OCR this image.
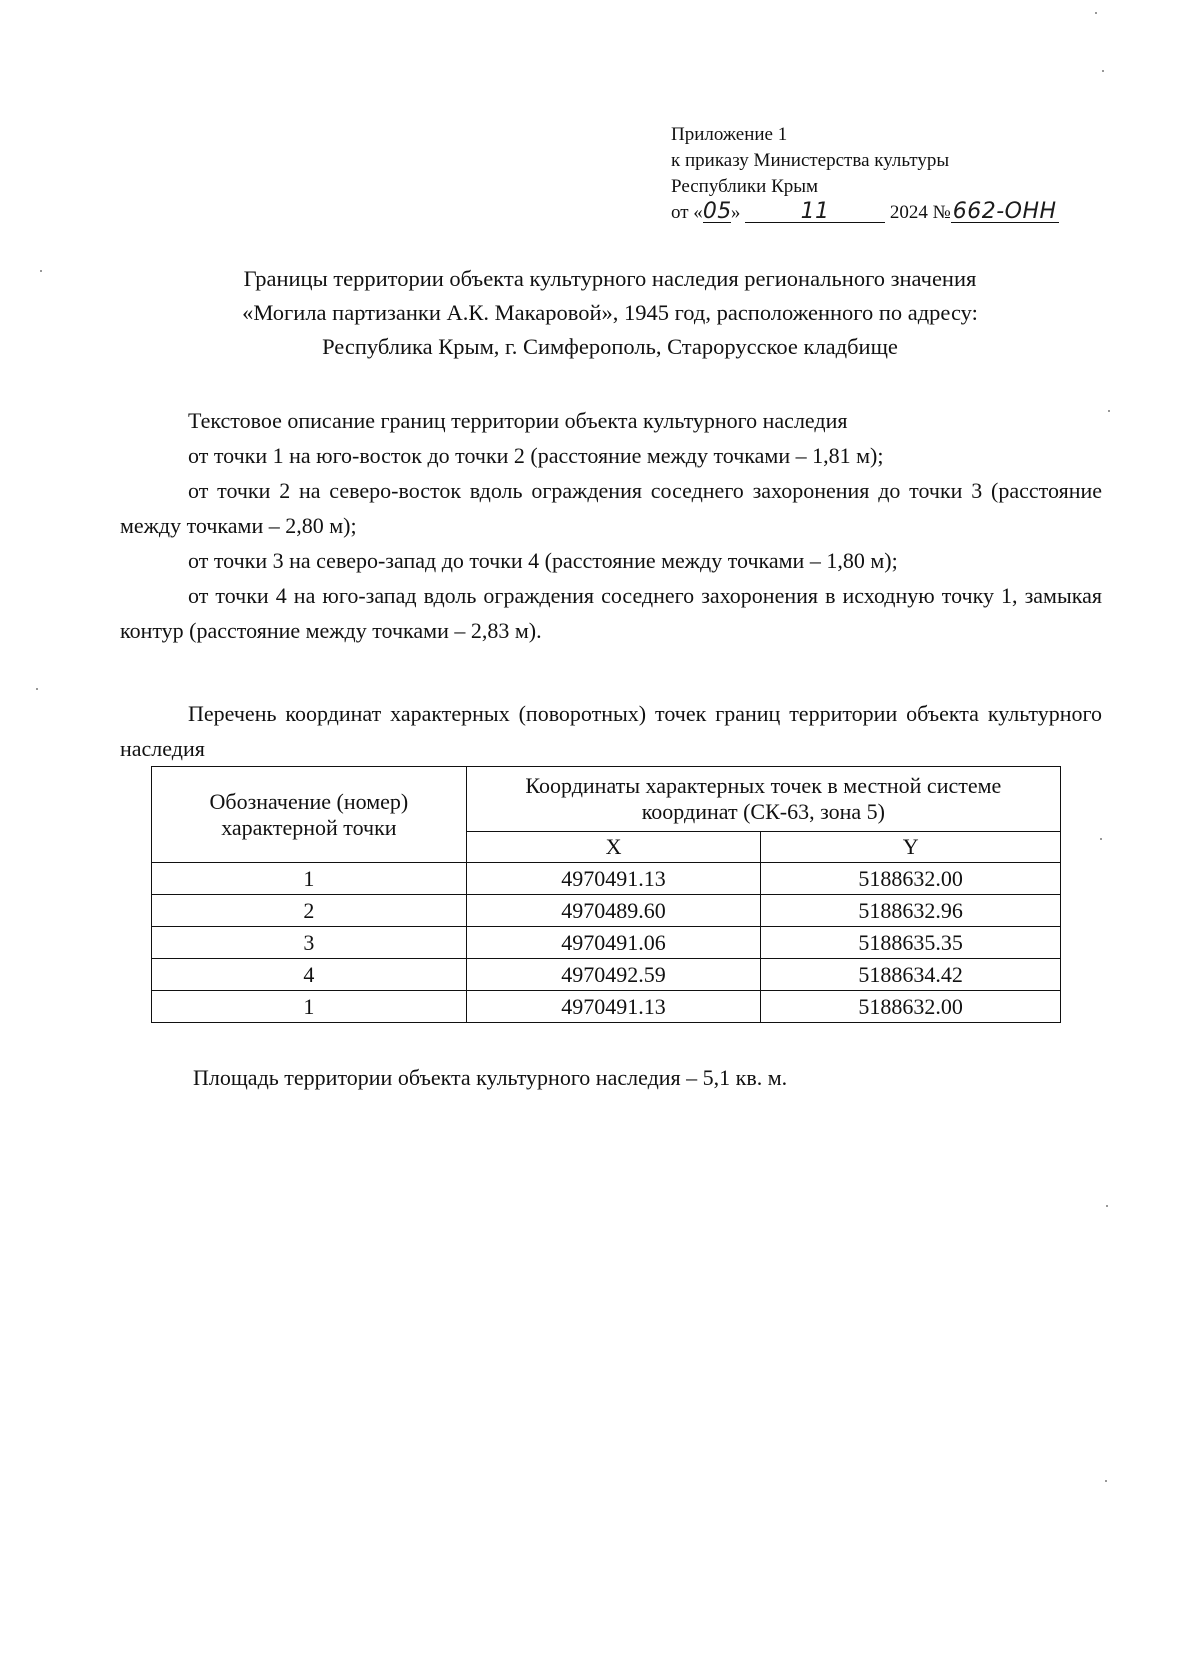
Приложение 1
к приказу Министерства культуры
Республики Крым
от «05»	11	2024 №662-ОНН
Границы территории объекта культурного наследия регионального значения
«Могила партизанки А.К. Макаровой», 1945 год, расположенного по адресу:
Республика Крым, г. Симферополь, Старорусское кладбище
Текстовое описание границ территории объекта культурного наследия

от точки 1 на юго-восток до точки 2 (расстояние между точками – 1,81 м);

от точки 2 на северо-восток вдоль ограждения соседнего захоронения до точки 3 (расстояние между точками – 2,80 м);

от точки 3 на северо-запад до точки 4 (расстояние между точками – 1,80 м);

от точки 4 на юго-запад вдоль ограждения соседнего захоронения в исходную точку 1, замыкая контур (расстояние между точками – 2,83 м).

Перечень координат характерных (поворотных) точек границ территории объекта культурного наследия

Обозначение (номер) характерной точки	Координаты характерных точек в местной системе координат (СК-63, зона 5)	
	X	Y
1	4970491.13	5188632.00
2	4970489.60	5188632.96
3	4970491.06	5188635.35
4	4970492.59	5188634.42
1	4970491.13	5188632.00
Площадь территории объекта культурного наследия – 5,1 кв. м.
